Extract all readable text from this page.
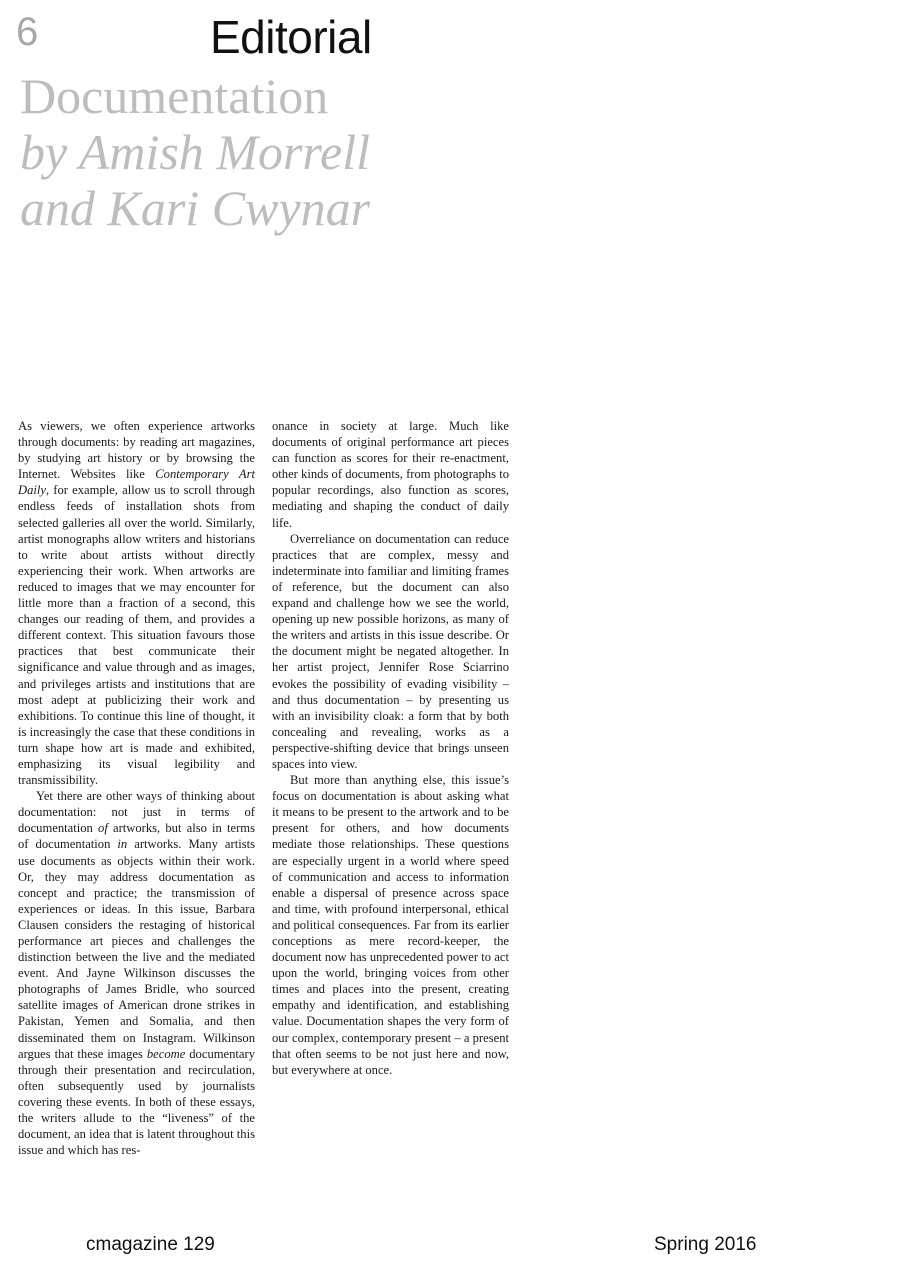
6	Editorial
Documentation
by Amish Morrell
and Kari Cwynar

As viewers, we often experience artworks through documents: by reading art magazines, by studying art history or by browsing the Internet. Websites like Contemporary Art Daily, for example, allow us to scroll through endless feeds of installation shots from selected galleries all over the world. Similarly, artist monographs allow writers and historians to write about artists without directly experiencing their work. When artworks are reduced to images that we may encounter for little more than a fraction of a second, this changes our reading of them, and provides a different context. This situation favours those practices that best communicate their significance and value through and as images, and privileges artists and institutions that are most adept at publicizing their work and exhibitions. To continue this line of thought, it is increasingly the case that these conditions in turn shape how art is made and exhibited, emphasizing its visual legibility and transmissibility.

Yet there are other ways of thinking about documentation: not just in terms of documentation of artworks, but also in terms of documentation in artworks. Many artists use documents as objects within their work. Or, they may address documentation as concept and practice; the transmission of experiences or ideas. In this issue, Barbara Clausen considers the restaging of historical performance art pieces and challenges the distinction between the live and the mediated event. And Jayne Wilkinson discusses the photographs of James Bridle, who sourced satellite images of American drone strikes in Pakistan, Yemen and Somalia, and then disseminated them on Instagram. Wilkinson argues that these images become documentary through their presentation and recirculation, often subsequently used by journalists covering these events. In both of these essays, the writers allude to the “liveness” of the document, an idea that is latent throughout this issue and which has res-

onance in society at large. Much like documents of original performance art pieces can function as scores for their re-enactment, other kinds of documents, from photographs to popular recordings, also function as scores, mediating and shaping the conduct of daily life.

Overreliance on documentation can reduce practices that are complex, messy and indeterminate into familiar and limiting frames of reference, but the document can also expand and challenge how we see the world, opening up new possible horizons, as many of the writers and artists in this issue describe. Or the document might be negated altogether. In her artist project, Jennifer Rose Sciarrino evokes the possibility of evading visibility – and thus documentation – by presenting us with an invisibility cloak: a form that by both concealing and revealing, works as a perspective-shifting device that brings unseen spaces into view.

But more than anything else, this issue’s focus on documentation is about asking what it means to be present to the artwork and to be present for others, and how documents mediate those relationships. These questions are especially urgent in a world where speed of communication and access to information enable a dispersal of presence across space and time, with profound interpersonal, ethical and political consequences. Far from its earlier conceptions as mere record-keeper, the document now has unprecedented power to act upon the world, bringing voices from other times and places into the present, creating empathy and identification, and establishing value. Documentation shapes the very form of our complex, contemporary present – a present that often seems to be not just here and now, but everywhere at once.

cmagazine 129	Spring 2016
